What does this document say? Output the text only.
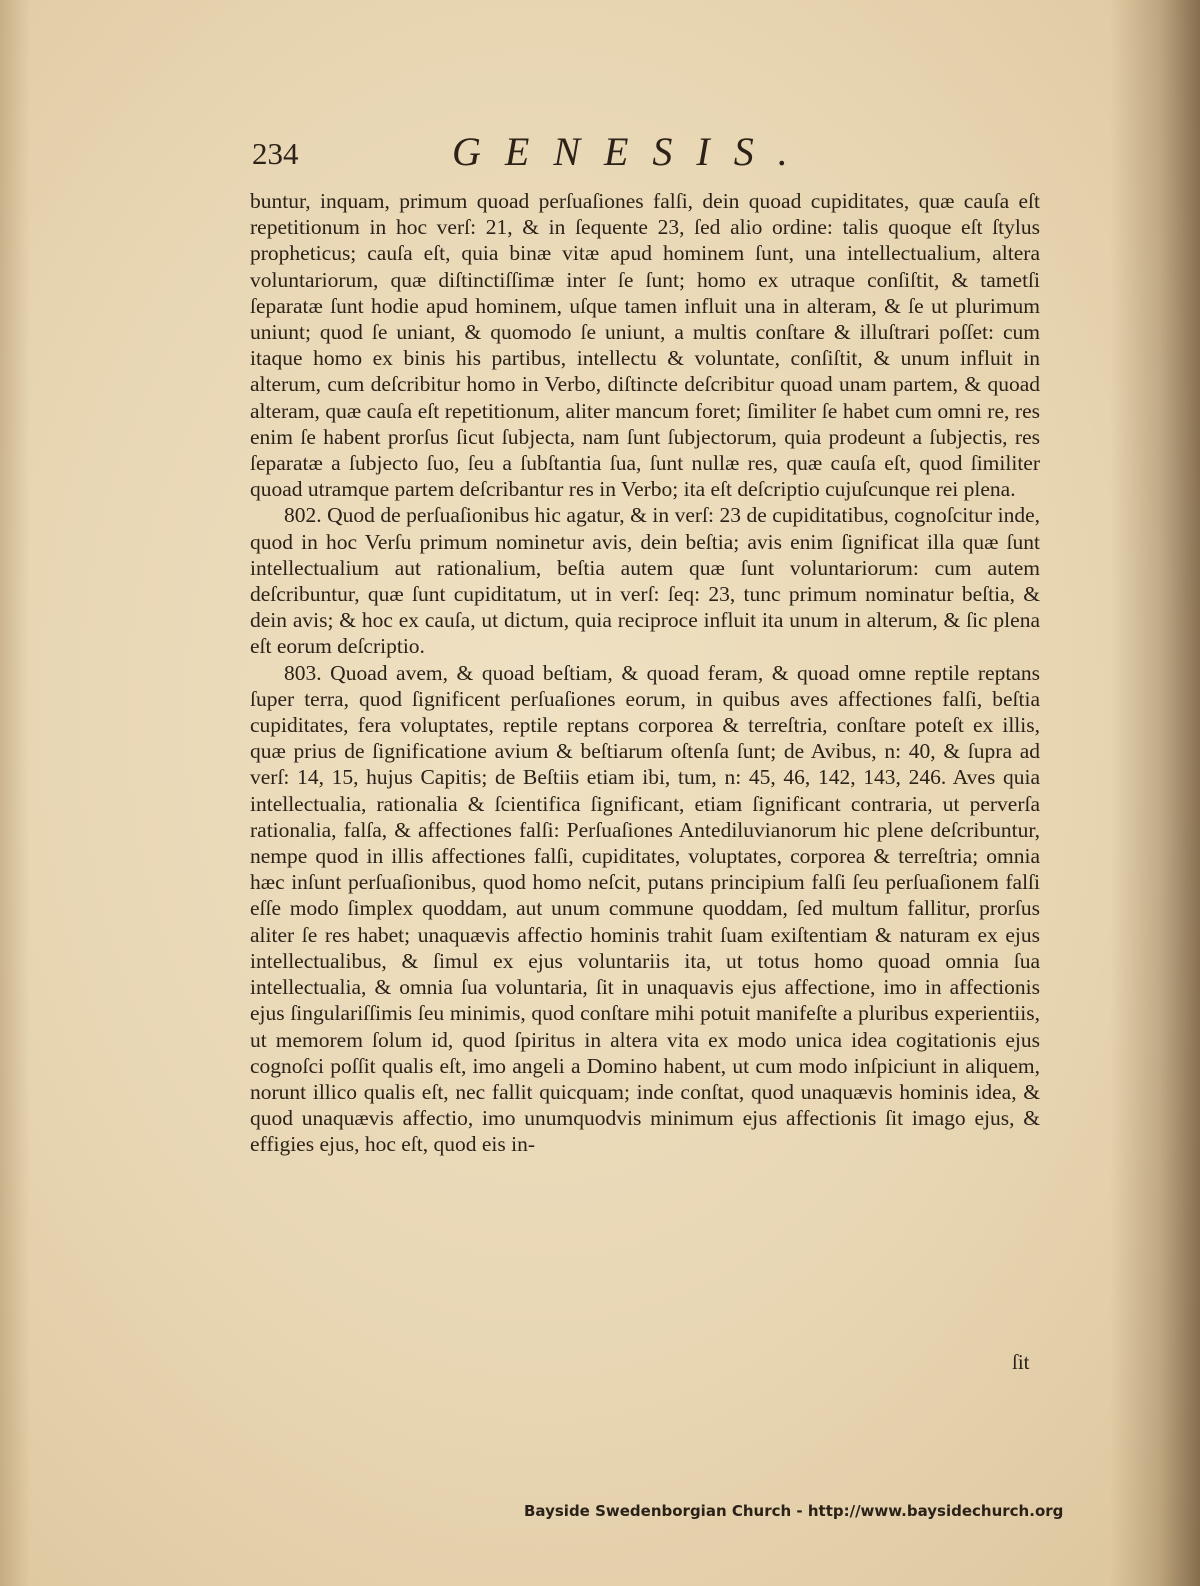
234	GENESIS.

buntur, inquam, primum quoad perſuaſiones falſi, dein quoad cupiditates, quæ cauſa eſt repetitionum in hoc verſ: 21, & in ſequente 23, ſed alio ordine: talis quoque eſt ſtylus propheticus; cauſa eſt, quia binæ vitæ apud hominem ſunt, una intellectualium, altera voluntariorum, quæ diſtinctiſſimæ inter ſe ſunt; homo ex utraque conſiſtit, & tametſi ſeparatæ ſunt hodie apud hominem, uſque tamen influit una in alteram, & ſe ut plurimum uniunt; quod ſe uniant, & quomodo ſe uniunt, a multis conſtare & illuſtrari poſſet: cum itaque homo ex binis his partibus, intellectu & voluntate, conſiſtit, & unum influit in alterum, cum deſcribitur homo in Verbo, diſtincte deſcribitur quoad unam partem, & quoad alteram, quæ cauſa eſt repetitionum, aliter mancum foret; ſimiliter ſe habet cum omni re, res enim ſe habent prorſus ſicut ſubjecta, nam ſunt ſubjectorum, quia prodeunt a ſubjectis, res ſeparatæ a ſubjecto ſuo, ſeu a ſubſtantia ſua, ſunt nullæ res, quæ cauſa eſt, quod ſimiliter quoad utramque partem deſcribantur res in Verbo; ita eſt deſcriptio cujuſcunque rei plena.

802. Quod de perſuaſionibus hic agatur, & in verſ: 23 de cupiditatibus, cognoſcitur inde, quod in hoc Verſu primum nominetur avis, dein beſtia; avis enim ſignificat illa quæ ſunt intellectualium aut rationalium, beſtia autem quæ ſunt voluntariorum: cum autem deſcribuntur, quæ ſunt cupiditatum, ut in verſ: ſeq: 23, tunc primum nominatur beſtia, & dein avis; & hoc ex cauſa, ut dictum, quia reciproce influit ita unum in alterum, & ſic plena eſt eorum deſcriptio.

803. Quoad avem, & quoad beſtiam, & quoad feram, & quoad omne reptile reptans ſuper terra, quod ſignificent perſuaſiones eorum, in quibus aves affectiones falſi, beſtia cupiditates, fera voluptates, reptile reptans corporea & terreſtria, conſtare poteſt ex illis, quæ prius de ſignificatione avium & beſtiarum oſtenſa ſunt; de Avibus, n: 40, & ſupra ad verſ: 14, 15, hujus Capitis; de Beſtiis etiam ibi, tum, n: 45, 46, 142, 143, 246. Aves quia intellectualia, rationalia & ſcientifica ſignificant, etiam ſignificant contraria, ut perverſa rationalia, falſa, & affectiones falſi: Perſuaſiones Antediluvianorum hic plene deſcribuntur, nempe quod in illis affectiones falſi, cupiditates, voluptates, corporea & terreſtria; omnia hæc inſunt perſuaſionibus, quod homo neſcit, putans principium falſi ſeu perſuaſionem falſi eſſe modo ſimplex quoddam, aut unum commune quoddam, ſed multum fallitur, prorſus aliter ſe res habet; unaquævis affectio hominis trahit ſuam exiſtentiam & naturam ex ejus intellectualibus, & ſimul ex ejus voluntariis ita, ut totus homo quoad omnia ſua intellectualia, & omnia ſua voluntaria, ſit in unaquavis ejus affectione, imo in affectionis ejus ſingulariſſimis ſeu minimis, quod conſtare mihi potuit manifeſte a pluribus experientiis, ut memorem ſolum id, quod ſpiritus in altera vita ex modo unica idea cogitationis ejus cognoſci poſſit qualis eſt, imo angeli a Domino habent, ut cum modo inſpiciunt in aliquem, norunt illico qualis eſt, nec fallit quicquam; inde conſtat, quod unaquævis hominis idea, & quod unaquævis affectio, imo unumquodvis minimum ejus affectionis ſit imago ejus, & effigies ejus, hoc eſt, quod eis in-

ſit
Bayside Swedenborgian Church - http://www.baysidechurch.org
